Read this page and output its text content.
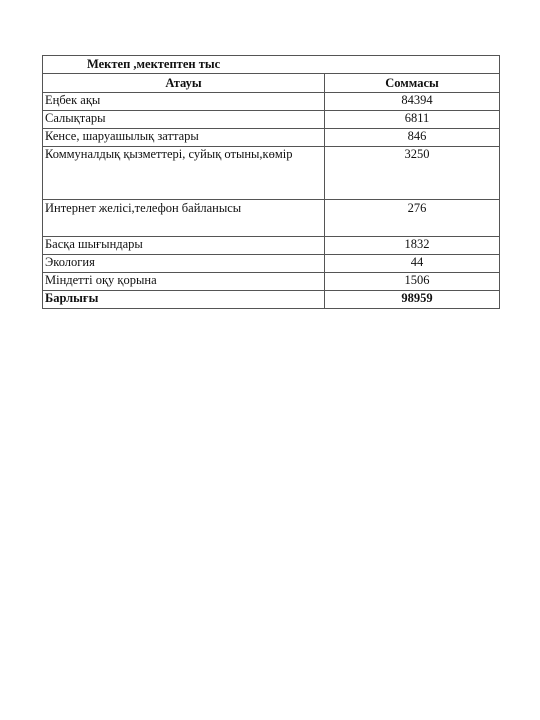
Мектеп ,мектептен тыс	
Атауы	Соммасы
Еңбек ақы	84394
Салықтары	6811
Кенсе, шаруашылық заттары	846
Коммуналдық қызметтері, суйық отыны,көмір	3250
Интернет желісі,телефон байланысы	276
Басқа шығындары	1832
Экология	44
Міндетті оқу қорына	1506
Барлығы	98959
